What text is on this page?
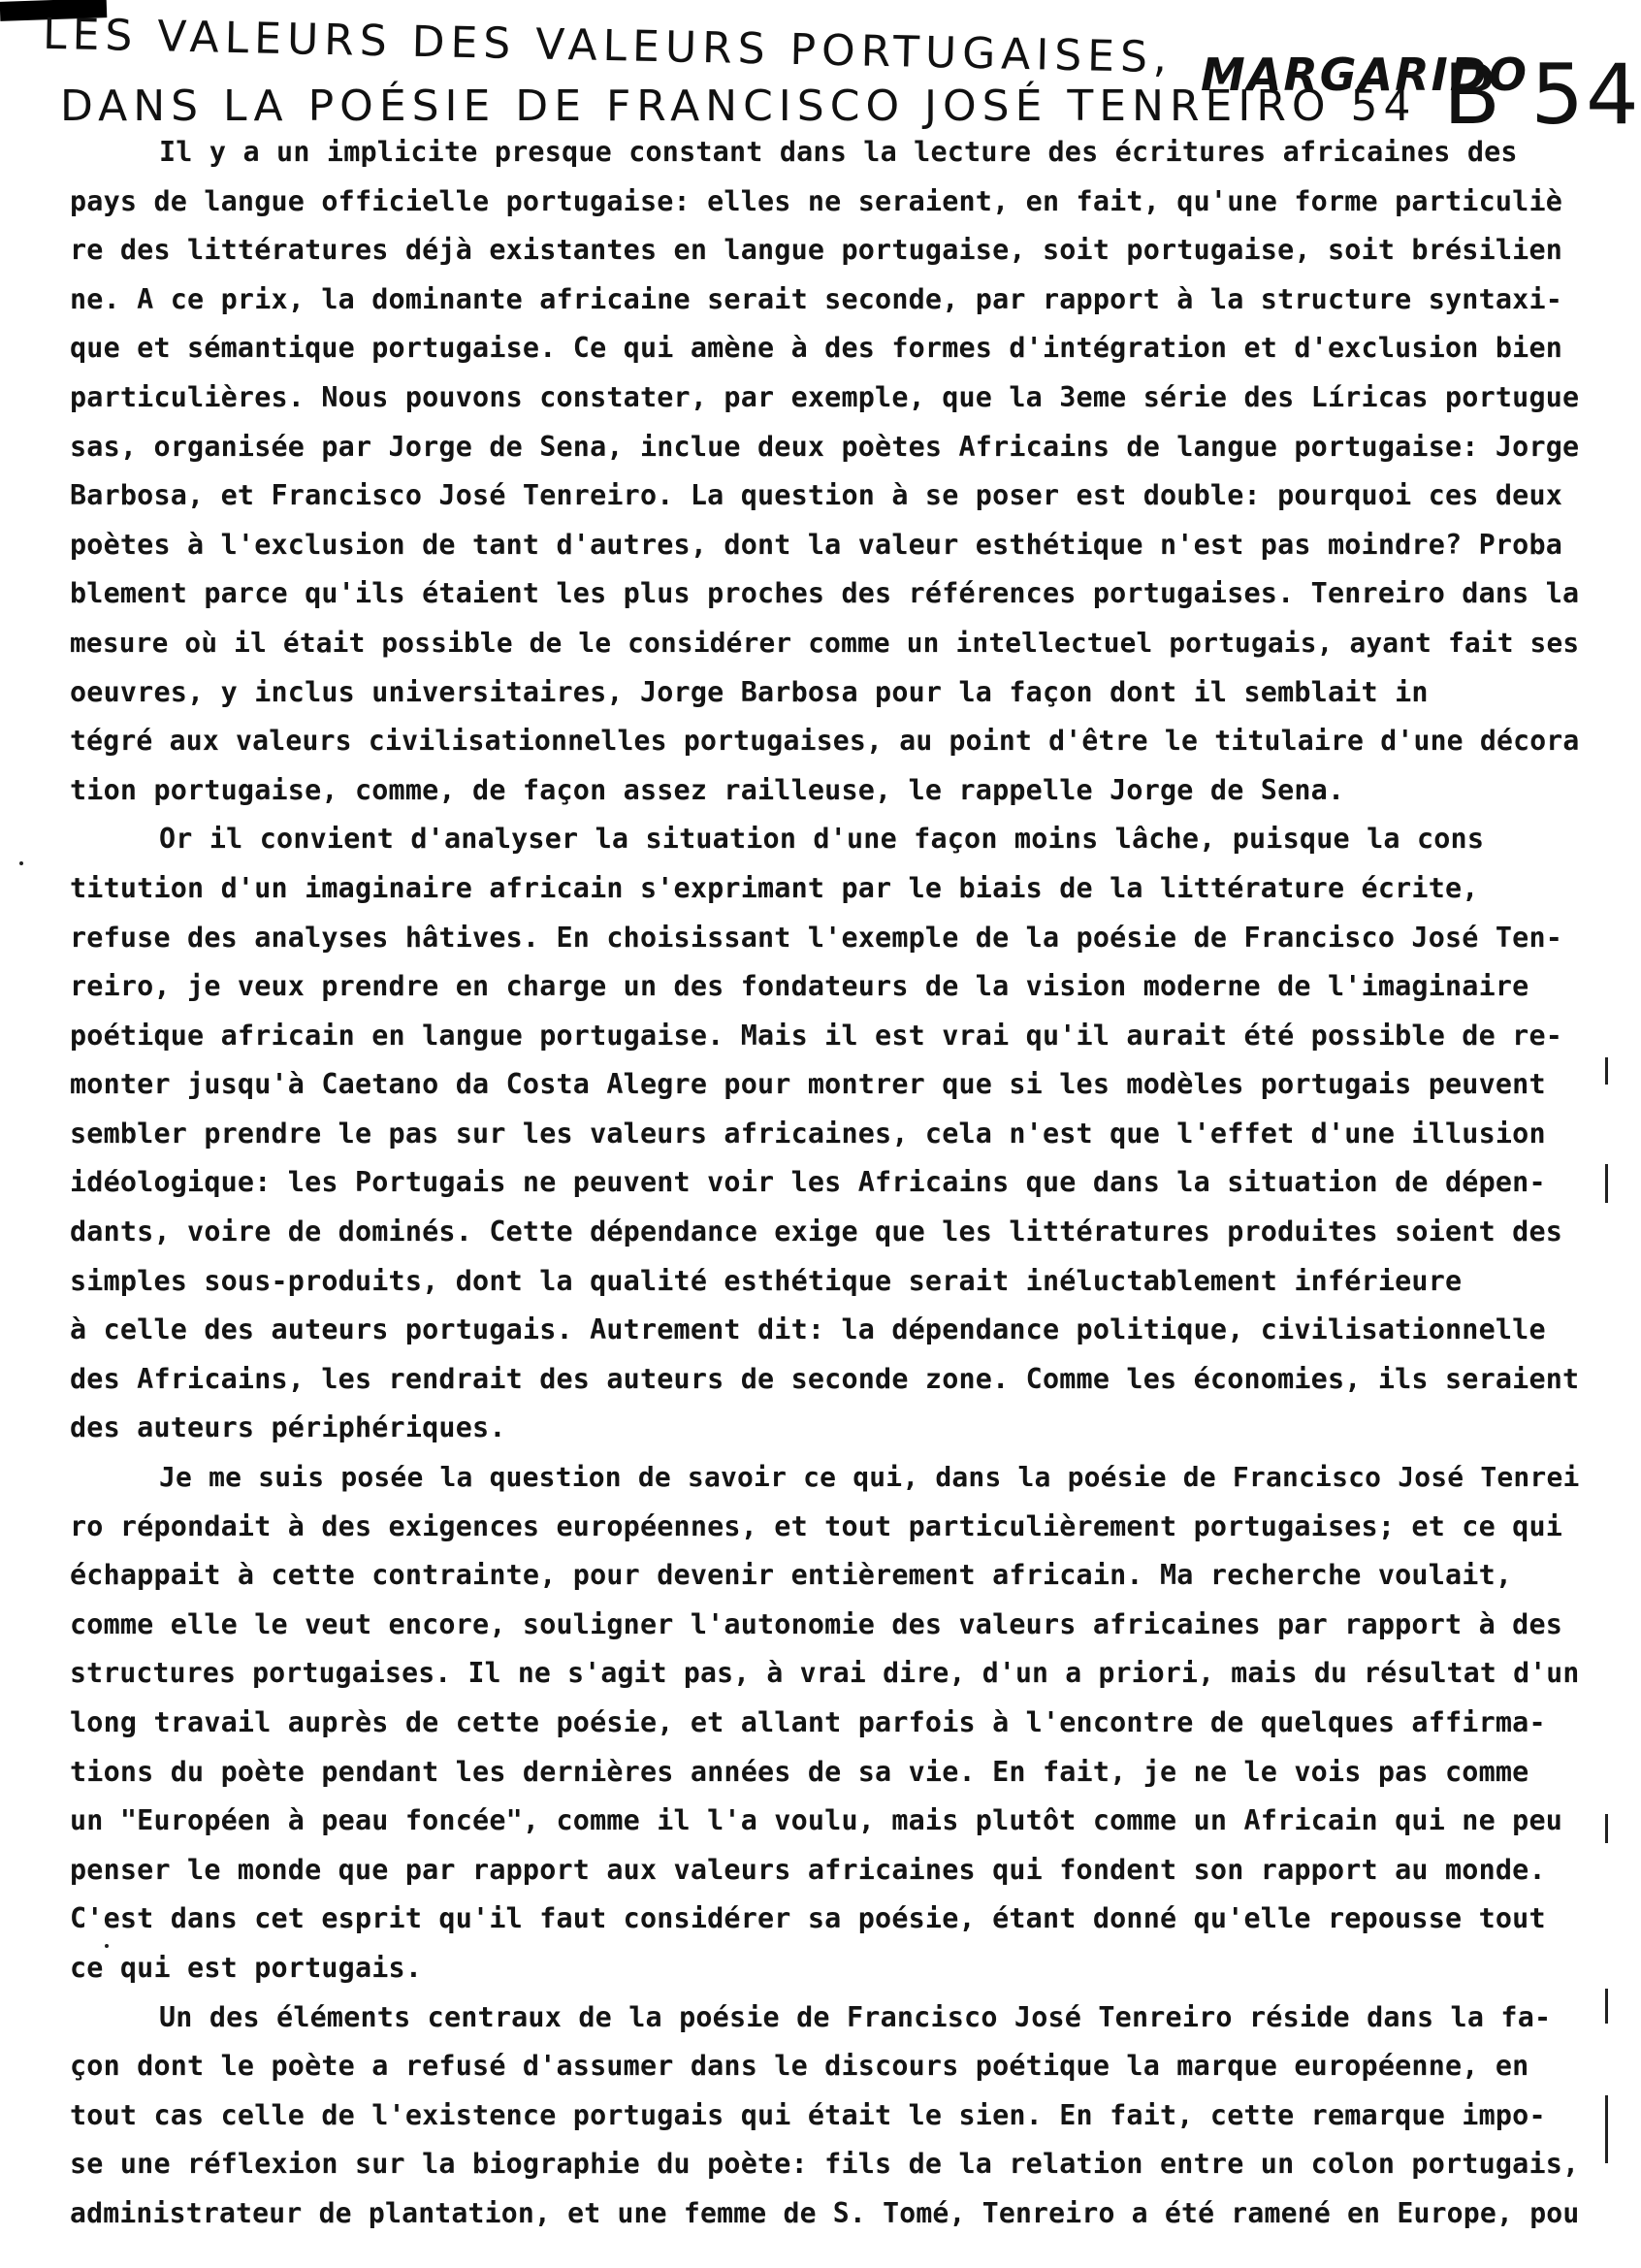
LES VALEURS DES VALEURS PORTUGAISES,
DANS LA POÉSIE DE FRANCISCO JOSÉ TENREIRO 54
MARGARIDO
B 54
Il y a un implicite presque constant dans la lecture des écritures africaines des
pays de langue officielle portugaise: elles ne seraient, en fait, qu'une forme particuliè
re des littératures déjà existantes en langue portugaise, soit portugaise, soit brésilien
ne. A ce prix, la dominante africaine serait seconde, par rapport à la structure syntaxi-
que et sémantique portugaise. Ce qui amène à des formes d'intégration et d'exclusion bien
particulières. Nous pouvons constater, par exemple, que la 3eme série des Líricas portugue
sas, organisée par Jorge de Sena, inclue deux poètes Africains de langue portugaise: Jorge
Barbosa, et Francisco José Tenreiro. La question à se poser est double: pourquoi ces deux
poètes à l'exclusion de tant d'autres, dont la valeur esthétique n'est pas moindre? Proba
blement parce qu'ils étaient les plus proches des références portugaises. Tenreiro dans la
mesure où il était possible de le considérer comme un intellectuel portugais, ayant fait ses
oeuvres, y inclus universitaires, Jorge Barbosa pour la façon dont il semblait in
tégré aux valeurs civilisationnelles portugaises, au point d'être le titulaire d'une décora
tion portugaise, comme, de façon assez railleuse, le rappelle Jorge de Sena.
Or il convient d'analyser la situation d'une façon moins lâche, puisque la cons
titution d'un imaginaire africain s'exprimant par le biais de la littérature écrite,
refuse des analyses hâtives. En choisissant l'exemple de la poésie de Francisco José Ten-
reiro, je veux prendre en charge un des fondateurs de la vision moderne de l'imaginaire
poétique africain en langue portugaise. Mais il est vrai qu'il aurait été possible de re-
monter jusqu'à Caetano da Costa Alegre pour montrer que si les modèles portugais peuvent
sembler prendre le pas sur les valeurs africaines, cela n'est que l'effet d'une illusion
idéologique: les Portugais ne peuvent voir les Africains que dans la situation de dépen-
dants, voire de dominés. Cette dépendance exige que les littératures produites soient des
simples sous-produits, dont la qualité esthétique serait inéluctablement inférieure
à celle des auteurs portugais. Autrement dit: la dépendance politique, civilisationnelle
des Africains, les rendrait des auteurs de seconde zone. Comme les économies, ils seraient
des auteurs périphériques.
Je me suis posée la question de savoir ce qui, dans la poésie de Francisco José Tenrei
ro répondait à des exigences européennes, et tout particulièrement portugaises; et ce qui
échappait à cette contrainte, pour devenir entièrement africain. Ma recherche voulait,
comme elle le veut encore, souligner l'autonomie des valeurs africaines par rapport à des
structures portugaises. Il ne s'agit pas, à vrai dire, d'un a priori, mais du résultat d'un
long travail auprès de cette poésie, et allant parfois à l'encontre de quelques affirma-
tions du poète pendant les dernières années de sa vie. En fait, je ne le vois pas comme
un "Européen à peau foncée", comme il l'a voulu, mais plutôt comme un Africain qui ne peu
penser le monde que par rapport aux valeurs africaines qui fondent son rapport au monde.
C'est dans cet esprit qu'il faut considérer sa poésie, étant donné qu'elle repousse tout
ce qui est portugais.
Un des éléments centraux de la poésie de Francisco José Tenreiro réside dans la fa-
çon dont le poète a refusé d'assumer dans le discours poétique la marque européenne, en
tout cas celle de l'existence portugais qui était le sien. En fait, cette remarque impo-
se une réflexion sur la biographie du poète: fils de la relation entre un colon portugais,
administrateur de plantation, et une femme de S. Tomé, Tenreiro a été ramené en Europe, pou
